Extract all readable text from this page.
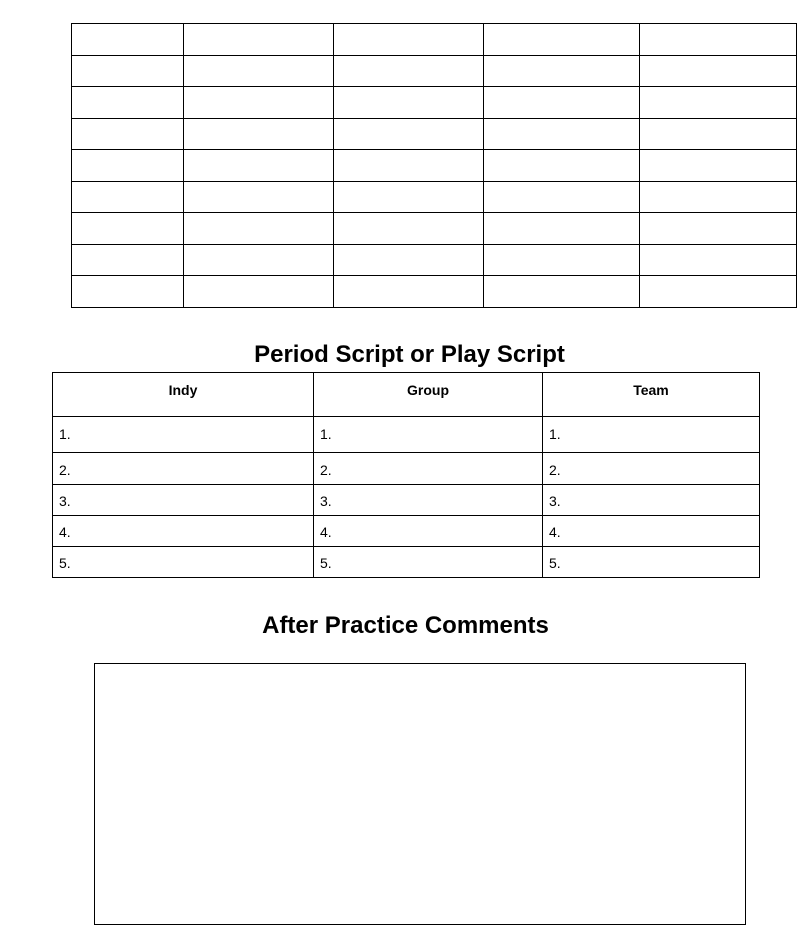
Period Script or Play Script
Indy	Group	Team
1.	1.	1.
2.	2.	2.
3.	3.	3.
4.	4.	4.
5.	5.	5.
After Practice Comments
